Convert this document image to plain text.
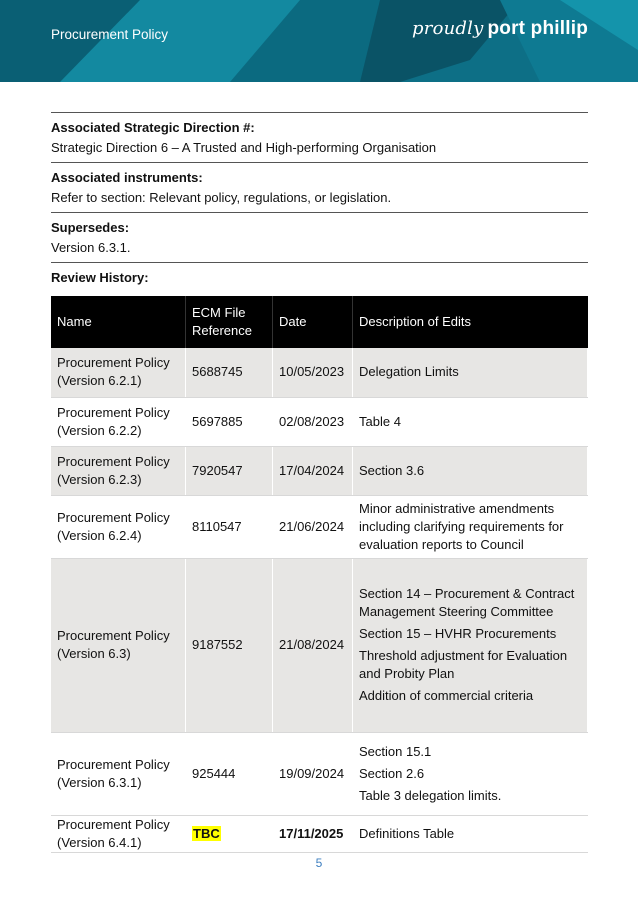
Procurement Policy	proudly port phillip
Associated Strategic Direction #:
Strategic Direction 6 – A Trusted and High-performing Organisation
Associated instruments:
Refer to section: Relevant policy, regulations, or legislation.
Supersedes:
Version 6.3.1.
Review History:
Name	ECM File Reference	Date	Description of Edits
Procurement Policy (Version 6.2.1)	5688745	10/05/2023	Delegation Limits

Procurement Policy (Version 6.2.2)	5697885	02/08/2023	Table 4

Procurement Policy (Version 6.2.3)	7920547	17/04/2024	Section 3.6

Procurement Policy (Version 6.2.4)	8110547	21/06/2024	Minor administrative amendments including clarifying requirements for evaluation reports to Council

Procurement Policy (Version 6.3)	9187552	21/08/2024	Section 14 – Procurement & Contract Management Steering Committee
Section 15 – HVHR Procurements
Threshold adjustment for Evaluation and Probity Plan
Addition of commercial criteria

Procurement Policy (Version 6.3.1)	925444	19/09/2024	Section 15.1
Section 2.6
Table 3 delegation limits.

Procurement Policy (Version 6.4.1)	TBC	17/11/2025	Definitions Table
5
